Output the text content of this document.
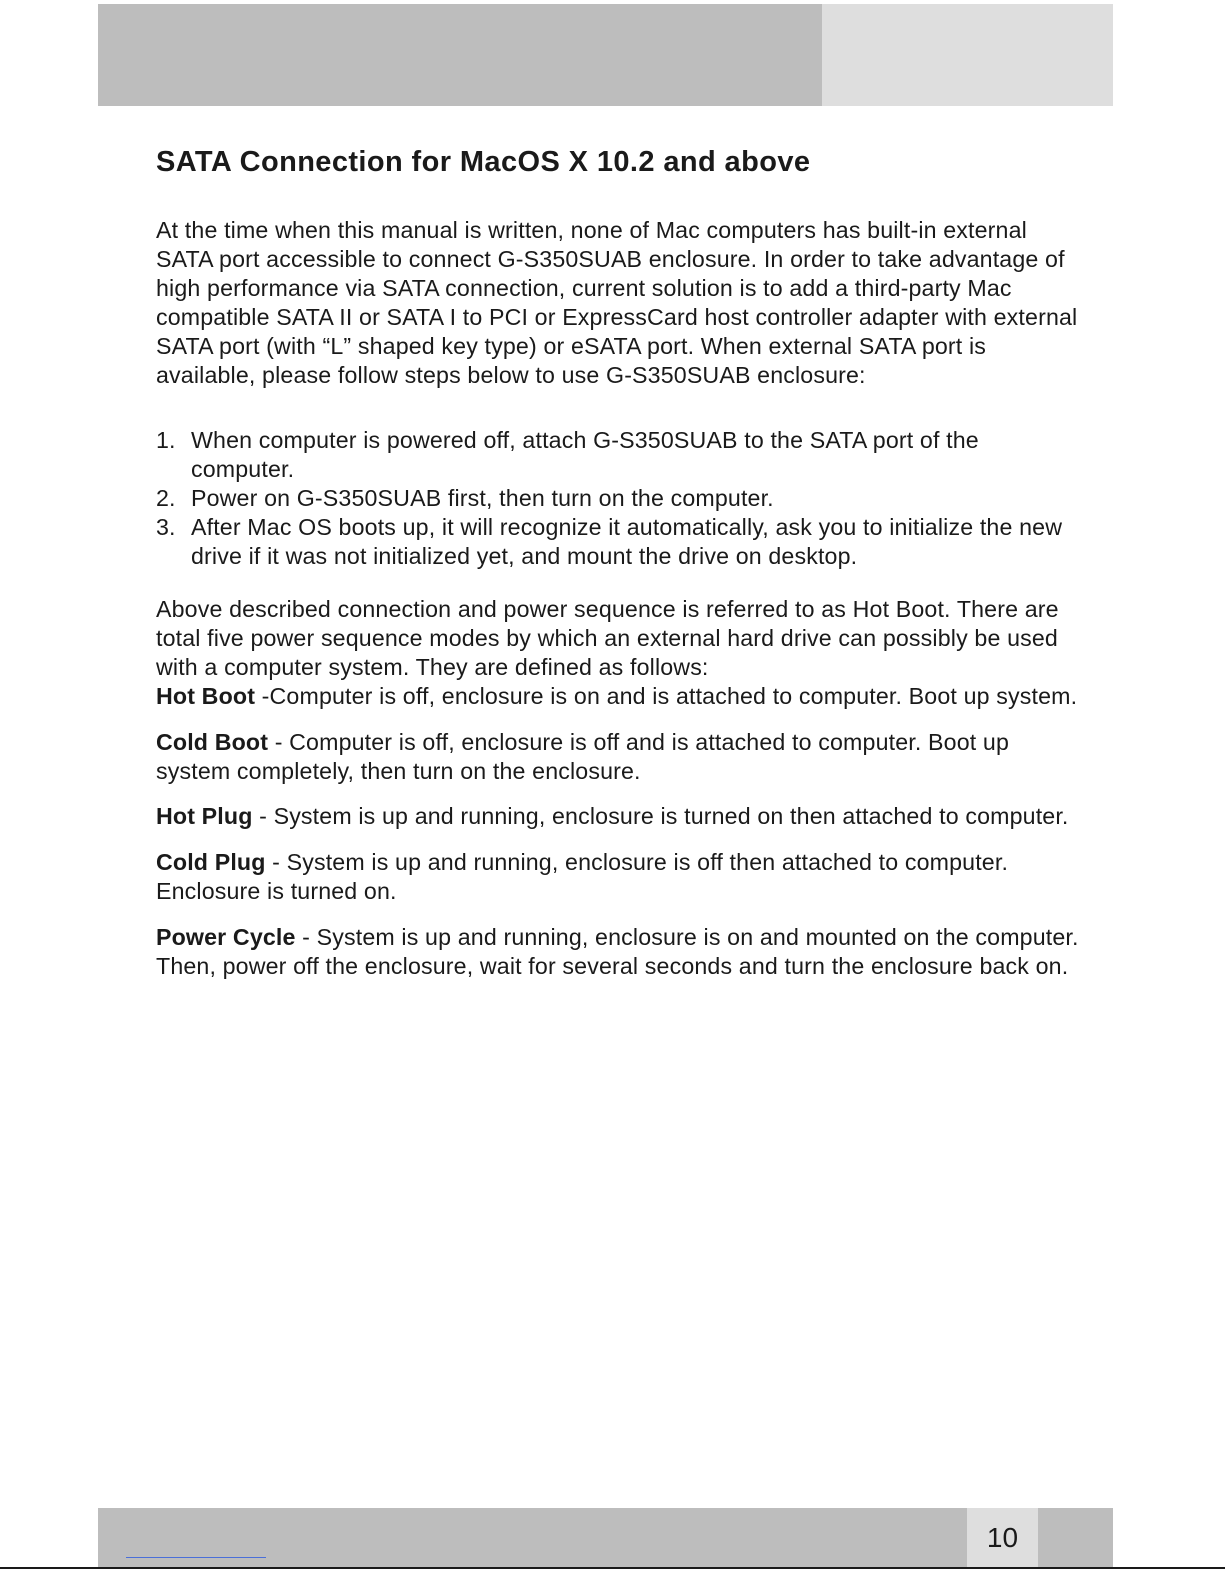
SATA Connection for MacOS X 10.2 and above

At the time when this manual is written, none of Mac computers has built-in external SATA port accessible to connect G-S350SUAB enclosure. In order to take advantage of high performance via SATA connection, current solution is to add a third-party Mac compatible SATA II or SATA I to PCI or ExpressCard host controller adapter with external SATA port (with “L” shaped key type) or eSATA port. When external SATA port is available, please follow steps below to use G-S350SUAB enclosure:

1. When computer is powered off, attach G-S350SUAB to the SATA port of the computer.
2. Power on G-S350SUAB first, then turn on the computer.
3. After Mac OS boots up, it will recognize it automatically, ask you to initialize the new drive if it was not initialized yet, and mount the drive on desktop.

Above described connection and power sequence is referred to as Hot Boot. There are total five power sequence modes by which an external hard drive can possibly be used with a computer system. They are defined as follows:

Hot Boot -Computer is off, enclosure is on and is attached to computer. Boot up system.

Cold Boot - Computer is off, enclosure is off and is attached to computer. Boot up system completely, then turn on the enclosure.

Hot Plug - System is up and running, enclosure is turned on then attached to computer.

Cold Plug - System is up and running, enclosure is off then attached to computer. Enclosure is turned on.

Power Cycle - System is up and running, enclosure is on and mounted on the computer. Then, power off the enclosure, wait for several seconds and turn the enclosure back on.

10
